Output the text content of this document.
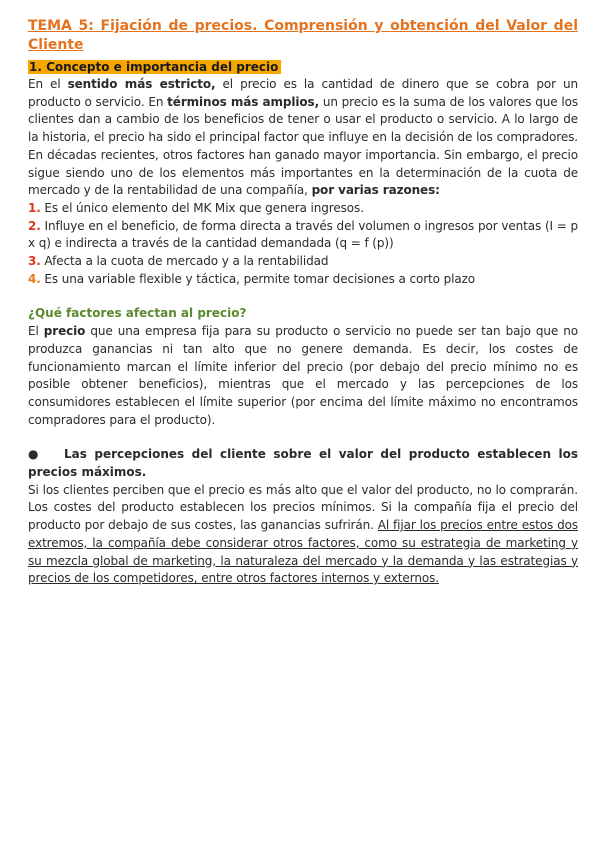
TEMA 5: Fijación de precios. Comprensión y obtención del Valor del

Cliente

1. Concepto e importancia del precio

En el sentido más estricto, el precio es la cantidad de dinero que se cobra por un producto o servicio. En términos más amplios, un precio es la suma de los valores que los clientes dan a cambio de los beneficios de tener o usar el producto o servicio. A lo largo de la historia, el precio ha sido el principal factor que influye en la decisión de los compradores. En décadas recientes, otros factores han ganado mayor importancia. Sin embargo, el precio sigue siendo uno de los elementos más importantes en la determinación de la cuota de mercado y de la rentabilidad de una compañía, por varias razones:

1. Es el único elemento del MK Mix que genera ingresos.

2. Influye en el beneficio, de forma directa a través del volumen o ingresos por ventas (I = p x q) e indirecta a través de la cantidad demandada (q = f (p))

3. Afecta a la cuota de mercado y a la rentabilidad

4. Es una variable flexible y táctica, permite tomar decisiones a corto plazo

¿Qué factores afectan al precio?

El precio que una empresa fija para su producto o servicio no puede ser tan bajo que no produzca ganancias ni tan alto que no genere demanda. Es decir, los costes de funcionamiento marcan el límite inferior del precio (por debajo del precio mínimo no es posible obtener beneficios), mientras que el mercado y las percepciones de los consumidores establecen el límite superior (por encima del límite máximo no encontramos compradores para el producto).

● Las percepciones del cliente sobre el valor del producto establecen los precios máximos.

Si los clientes perciben que el precio es más alto que el valor del producto, no lo comprarán. Los costes del producto establecen los precios mínimos. Si la compañía fija el precio del producto por debajo de sus costes, las ganancias sufrirán. Al fijar los precios entre estos dos extremos, la compañía debe considerar otros factores, como su estrategia de marketing y su mezcla global de marketing, la naturaleza del mercado y la demanda y las estrategias y precios de los competidores, entre otros factores internos y externos.
